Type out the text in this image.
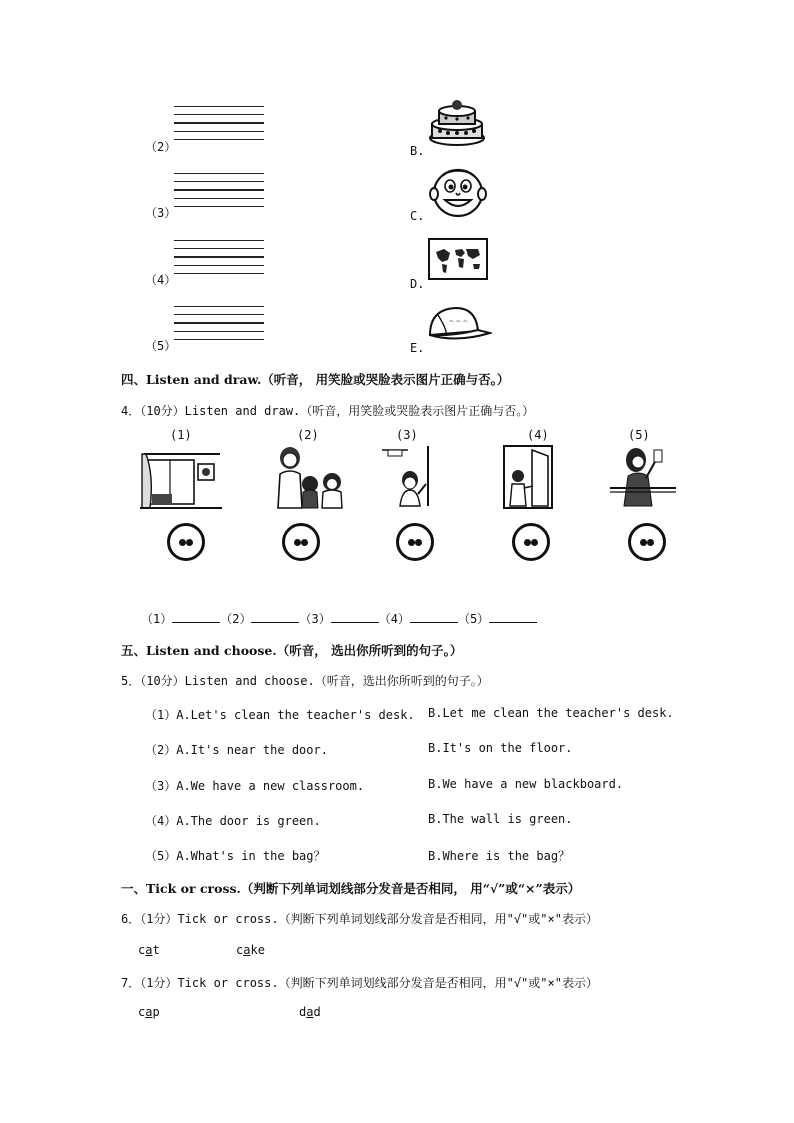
（2）	B.
（3）	C.
（4）	D.
（5）	E.
~ ~ ~
四、Listen and draw.（听音， 用笑脸或哭脸表示图片正确与否。）
4．（10分）Listen and draw.（听音，用笑脸或哭脸表示图片正确与否。）
(1)	(2)	(3)	(4)	(5)
（1）	（2）	（3）	（4）	（5）
五、Listen and choose.（听音， 选出你所听到的句子。）
5．（10分）Listen and choose.（听音，选出你所听到的句子。）
（1）A.Let's clean the teacher's desk. B.Let me clean the teacher's desk.
（2）A.It's near the door.	B.It's on the floor.
（3）A.We have a new classroom.	B.We have a new blackboard.
（4）A.The door is green.	B.The wall is green.
（5）A.What's in the bag？	B.Where is the bag？
一、Tick or cross.（判断下列单词划线部分发音是否相同， 用“√”或“×”表示）
6．（1分）Tick or cross.（判断下列单词划线部分发音是否相同，用"√"或"×"表示）
cat	cake
7．（1分）Tick or cross.（判断下列单词划线部分发音是否相同，用"√"或"×"表示）
cap	dad
